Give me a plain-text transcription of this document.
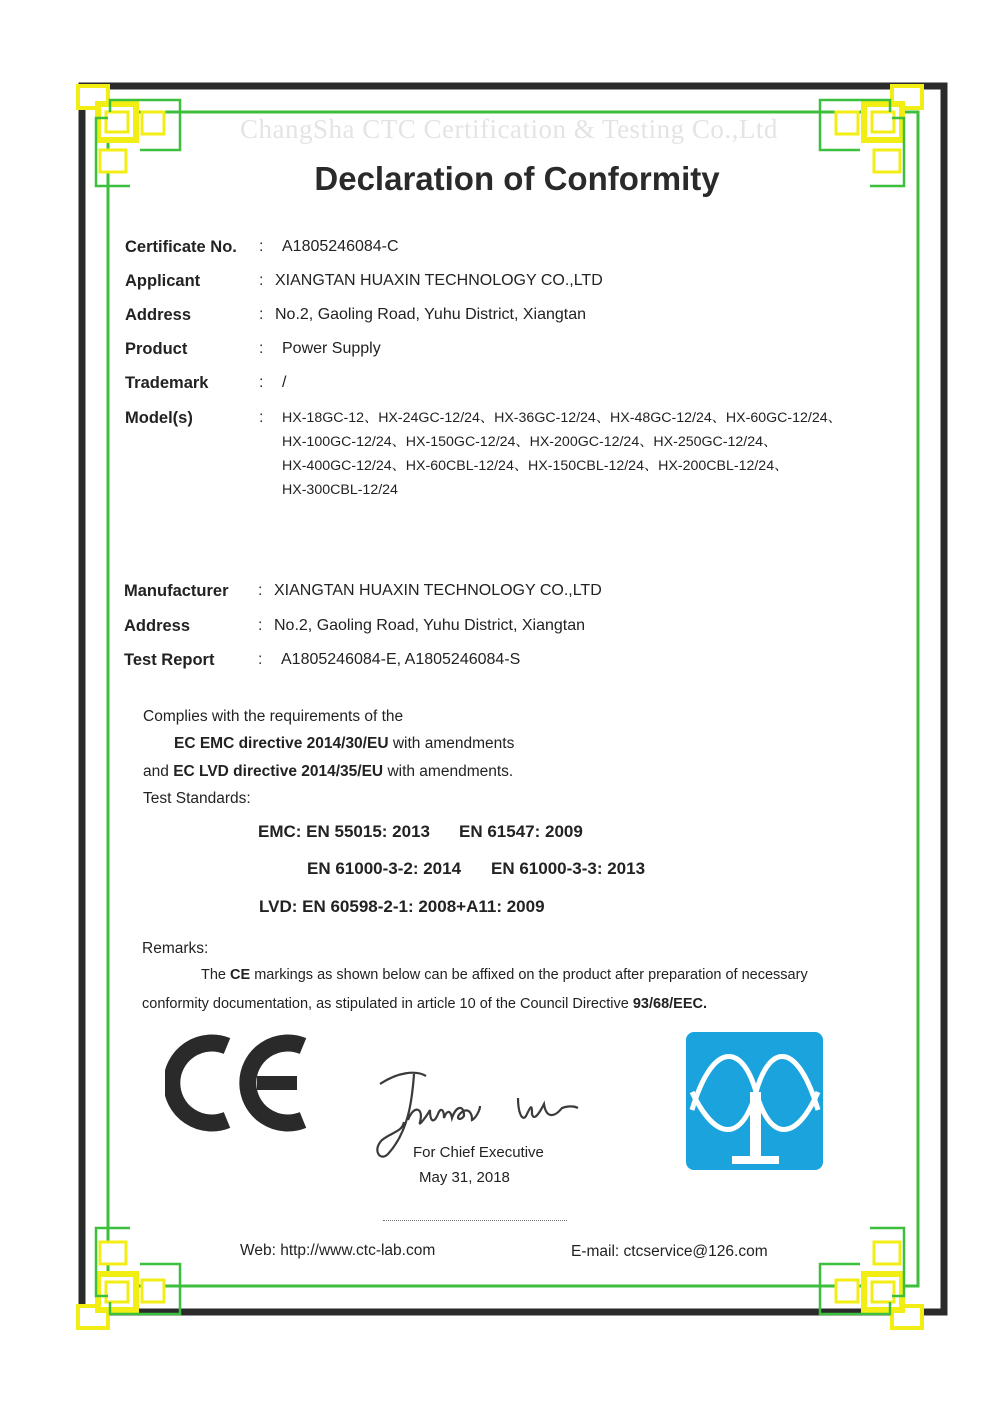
ChangSha CTC Certification & Testing Co.,Ltd
Declaration of Conformity
Certificate No. : A1805246084-C
Applicant	: XIANGTAN HUAXIN TECHNOLOGY CO.,LTD
Address	: No.2, Gaoling Road, Yuhu District, Xiangtan
Product	: Power Supply
Trademark	: /
Model(s)	: HX-18GC-12、HX-24GC-12/24、HX-36GC-12/24、HX-48GC-12/24、HX-60GC-12/24、
HX-100GC-12/24、HX-150GC-12/24、HX-200GC-12/24、HX-250GC-12/24、
HX-400GC-12/24、HX-60CBL-12/24、HX-150CBL-12/24、HX-200CBL-12/24、
HX-300CBL-12/24
Manufacturer : XIANGTAN HUAXIN TECHNOLOGY CO.,LTD
Address	: No.2, Gaoling Road, Yuhu District, Xiangtan
Test Report	: A1805246084-E, A1805246084-S
Complies with the requirements of the
EC EMC directive 2014/30/EU with amendments
and EC LVD directive 2014/35/EU with amendments.
Test Standards:
EMC: EN 55015: 2013 EN 61547: 2009
EN 61000-3-2: 2014 EN 61000-3-3: 2013
LVD: EN 60598-2-1: 2008+A11: 2009
Remarks:
The CE markings as shown below can be affixed on the product after preparation of necessary
conformity documentation, as stipulated in article 10 of the Council Directive 93/68/EEC.
For Chief Executive
May 31, 2018
Web: http://www.ctc-lab.com	E-mail: ctcservice@126.com
